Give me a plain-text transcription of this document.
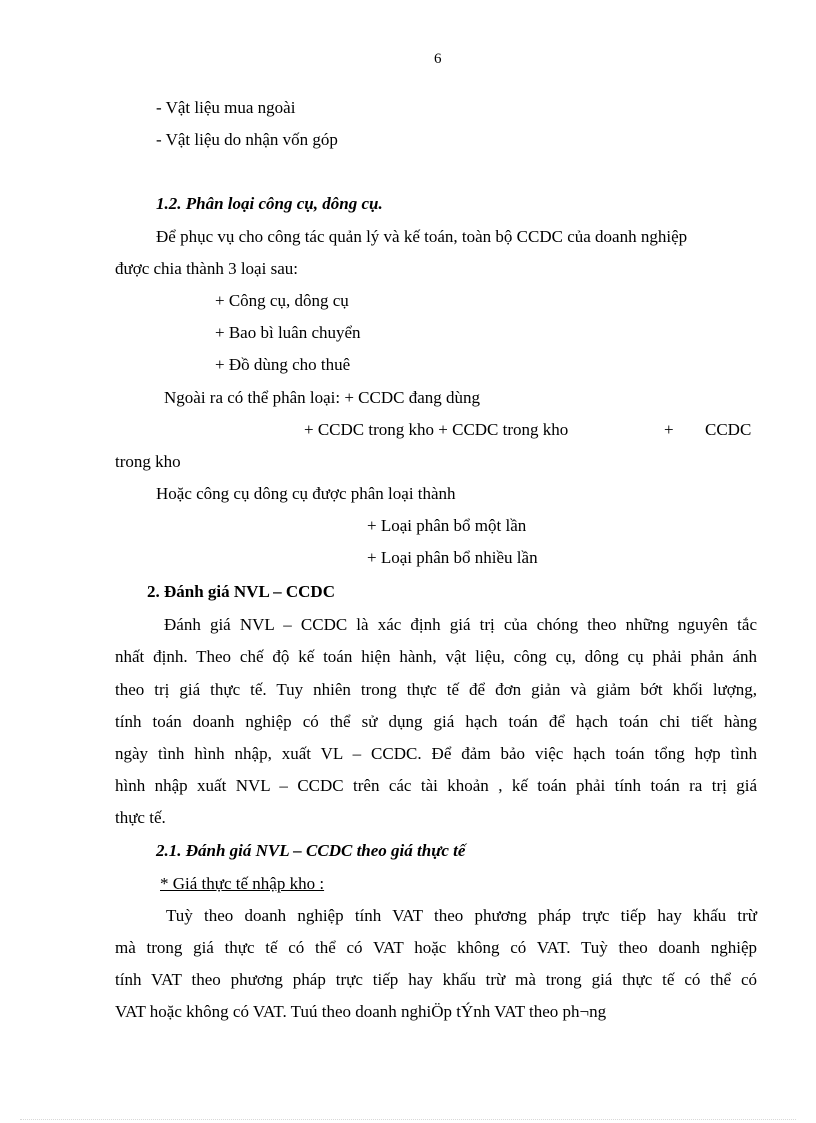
6
- Vật liệu mua ngoài
- Vật liệu do nhận vốn góp
1.2. Phân loại công cụ, dông cụ.
Để phục vụ cho công tác quản lý và kế toán, toàn bộ CCDC của doanh nghiệp
được chia thành 3 loại sau:
+ Công cụ, dông cụ
+ Bao bì luân chuyển
+ Đồ dùng cho thuê
Ngoài ra có thể phân loại: + CCDC đang dùng
+ CCDC trong kho + CCDC trong kho	+ CCDC
trong kho
Hoặc công cụ dông cụ được phân loại thành
+ Loại phân bổ một lần
+ Loại phân bổ nhiều lần
2. Đánh giá NVL – CCDC
Đánh giá NVL – CCDC là xác định giá trị của chóng theo những nguyên tắc
nhất định. Theo chế độ kế toán hiện hành, vật liệu, công cụ, dông cụ phải phản ánh
theo trị giá thực tế. Tuy nhiên trong thực tế để đơn giản và giảm bớt khối lượng,
tính toán doanh nghiệp có thể sử dụng giá hạch toán để hạch toán chi tiết hàng
ngày tình hình nhập, xuất VL – CCDC. Để đảm bảo việc hạch toán tổng hợp tình
hình nhập xuất NVL – CCDC trên các tài khoản , kế toán phải tính toán ra trị giá
thực tế.
2.1. Đánh giá NVL – CCDC theo giá thực tế
* Giá thực tế nhập kho :
Tuỳ theo doanh nghiệp tính VAT theo phương pháp trực tiếp hay khấu trừ
mà trong giá thực tế có thể có VAT hoặc không có VAT. Tuỳ theo doanh nghiệp
tính VAT theo phương pháp trực tiếp hay khấu trừ mà trong giá thực tế có thể có
VAT hoặc không có VAT. Tuú theo doanh nghiÖp tÝnh VAT theo ph¬ng
